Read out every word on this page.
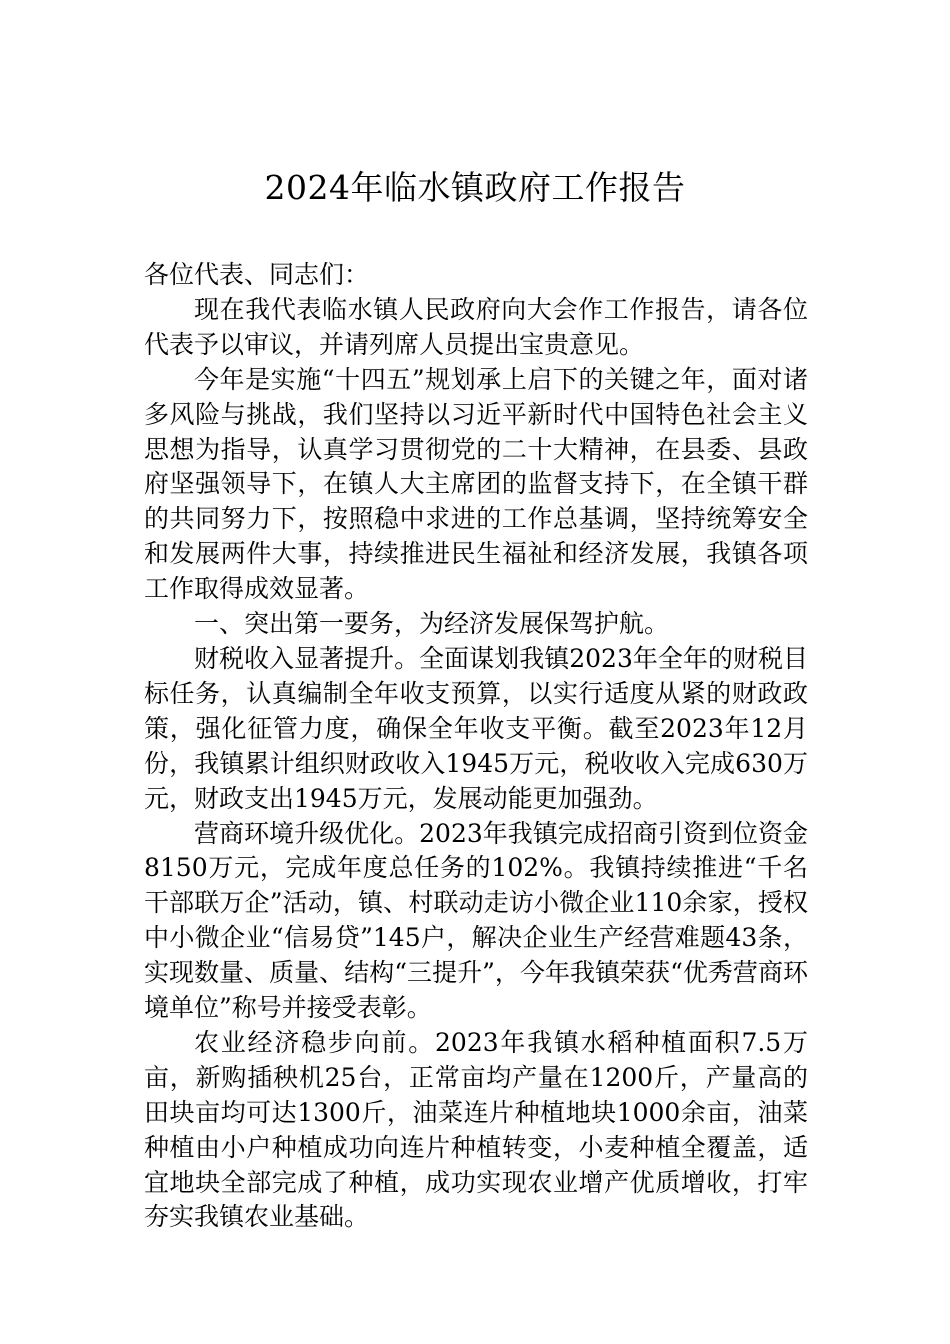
2024年临水镇政府工作报告

各位代表、同志们：

现在我代表临水镇人民政府向大会作工作报告，请各位代表予以审议，并请列席人员提出宝贵意见。

今年是实施“十四五”规划承上启下的关键之年，面对诸多风险与挑战，我们坚持以习近平新时代中国特色社会主义思想为指导，认真学习贯彻党的二十大精神，在县委、县政府坚强领导下，在镇人大主席团的监督支持下，在全镇干群的共同努力下，按照稳中求进的工作总基调，坚持统筹安全和发展两件大事，持续推进民生福祉和经济发展，我镇各项工作取得成效显著。

一、突出第一要务，为经济发展保驾护航。

财税收入显著提升。全面谋划我镇2023年全年的财税目标任务，认真编制全年收支预算，以实行适度从紧的财政政策，强化征管力度，确保全年收支平衡。截至2023年12月份，我镇累计组织财政收入1945万元，税收收入完成630万元，财政支出1945万元，发展动能更加强劲。

营商环境升级优化。2023年我镇完成招商引资到位资金8150万元，完成年度总任务的102%。我镇持续推进“千名干部联万企”活动，镇、村联动走访小微企业110余家，授权中小微企业“信易贷”145户，解决企业生产经营难题43条，实现数量、质量、结构“三提升”，今年我镇荣获“优秀营商环境单位”称号并接受表彰。

农业经济稳步向前。2023年我镇水稻种植面积7.5万亩，新购插秧机25台，正常亩均产量在1200斤，产量高的田块亩均可达1300斤，油菜连片种植地块1000余亩，油菜种植由小户种植成功向连片种植转变，小麦种植全覆盖，适宜地块全部完成了种植，成功实现农业增产优质增收，打牢夯实我镇农业基础。
